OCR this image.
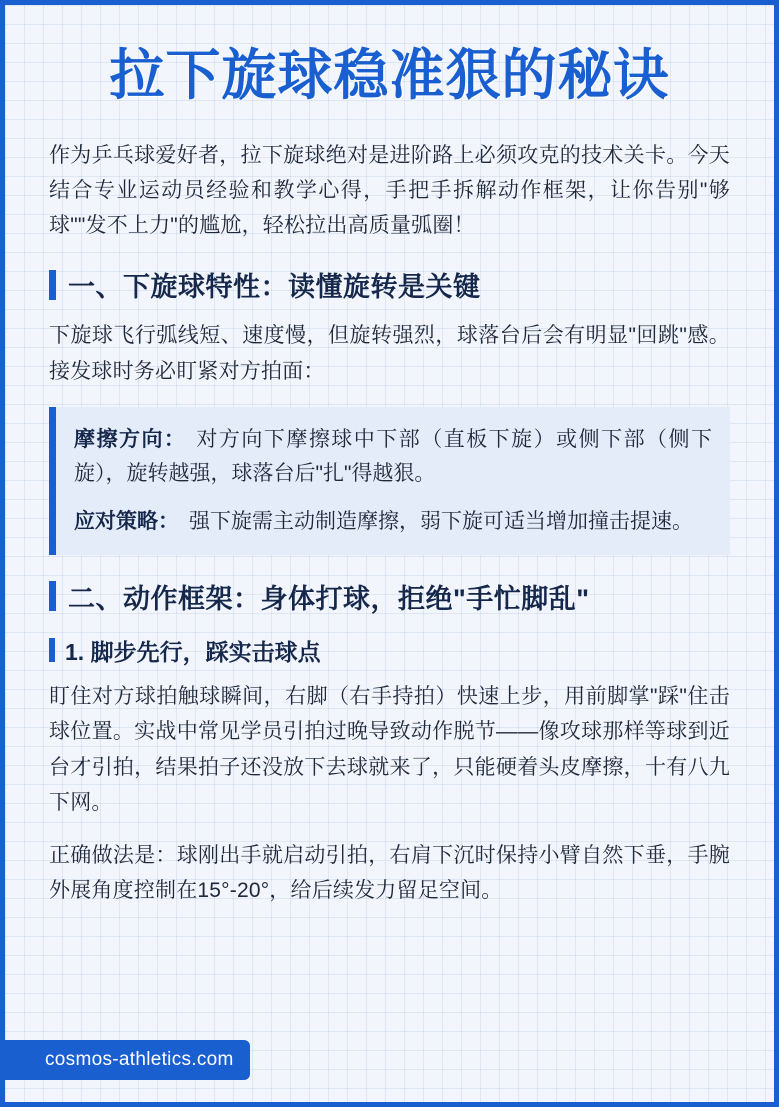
拉下旋球稳准狠的秘诀

作为乒乓球爱好者，拉下旋球绝对是进阶路上必须攻克的技术关卡。今天结合专业运动员经验和教学心得，手把手拆解动作框架，让你告别"够球""发不上力"的尴尬，轻松拉出高质量弧圈！

一、下旋球特性：读懂旋转是关键

下旋球飞行弧线短、速度慢，但旋转强烈，球落台后会有明显"回跳"感。接发球时务必盯紧对方拍面：

摩擦方向： 对方向下摩擦球中下部（直板下旋）或侧下部（侧下旋），旋转越强，球落台后"扎"得越狠。
应对策略： 强下旋需主动制造摩擦，弱下旋可适当增加撞击提速。
二、动作框架：身体打球，拒绝"手忙脚乱"
1. 脚步先行，踩实击球点

盯住对方球拍触球瞬间，右脚（右手持拍）快速上步，用前脚掌"踩"住击球位置。实战中常见学员引拍过晚导致动作脱节——像攻球那样等球到近台才引拍，结果拍子还没放下去球就来了，只能硬着头皮摩擦，十有八九下网。

正确做法是：球刚出手就启动引拍，右肩下沉时保持小臂自然下垂，手腕外展角度控制在15°-20°，给后续发力留足空间。

cosmos-athletics.com
